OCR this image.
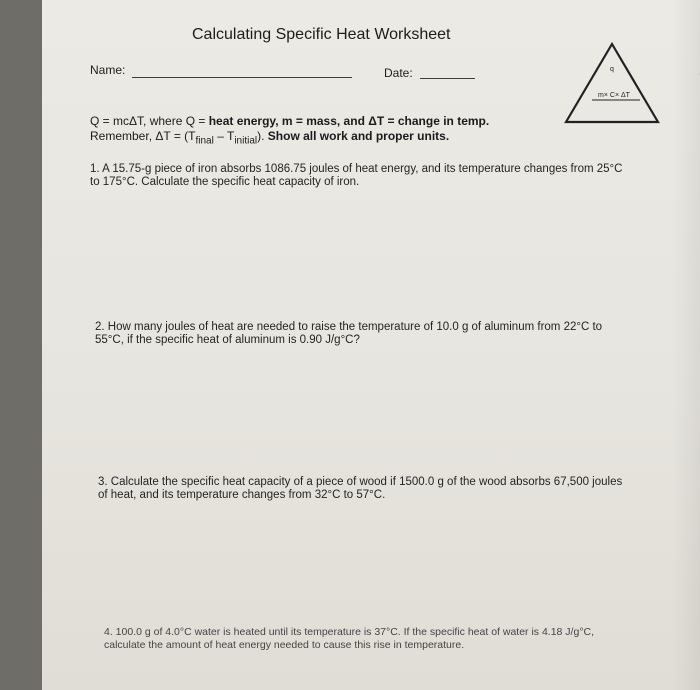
Calculating Specific Heat Worksheet
Name:	Date:	q
m× C× ΔT
Q = mcΔT, where Q = heat energy, m = mass, and ΔT = change in temp.
Remember, $\Delta T = (T_{final} - T_{initial})$. Show all work and proper units.
1. A 15.75-g piece of iron absorbs 1086.75 joules of heat energy, and its temperature changes from 25°C to 175°C. Calculate the specific heat capacity of iron.
2. How many joules of heat are needed to raise the temperature of 10.0 g of aluminum from 22°C to 55°C, if the specific heat of aluminum is 0.90 J/g°C?
3. Calculate the specific heat capacity of a piece of wood if 1500.0 g of the wood absorbs 67,500 joules of heat, and its temperature changes from 32°C to 57°C.
4. 100.0 g of 4.0°C water is heated until its temperature is 37°C. If the specific heat of water is 4.18 J/g°C, calculate the amount of heat energy needed to cause this rise in temperature.
